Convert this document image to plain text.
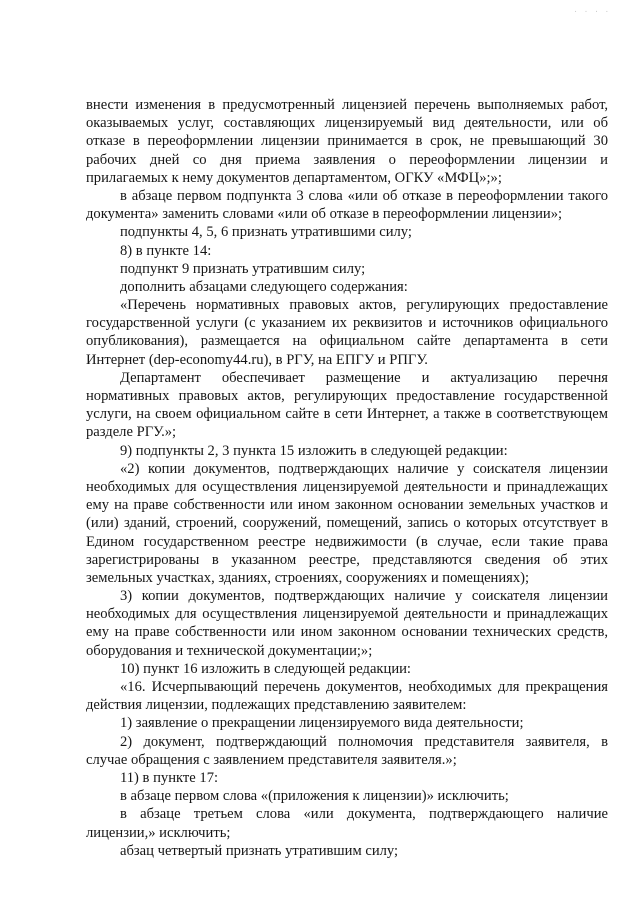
· · · ·
внести изменения в предусмотренный лицензией перечень выполняемых работ,
оказываемых услуг, составляющих лицензируемый вид деятельности, или об
отказе в переоформлении лицензии принимается в срок, не превышающий 30
рабочих дней со дня приема заявления о переоформлении лицензии и
прилагаемых к нему документов департаментом, ОГКУ «МФЦ»;»;
в абзаце первом подпункта 3 слова «или об отказе в переоформлении такого
документа» заменить словами «или об отказе в переоформлении лицензии»;
подпункты 4, 5, 6 признать утратившими силу;
8) в пункте 14:
подпункт 9 признать утратившим силу;
дополнить абзацами следующего содержания:
«Перечень нормативных правовых актов, регулирующих предоставление
государственной услуги (с указанием их реквизитов и источников официального
опубликования), размещается на официальном сайте департамента в сети
Интернет (dep-economy44.ru), в РГУ, на ЕПГУ и РПГУ.
Департамент обеспечивает размещение и актуализацию перечня
нормативных правовых актов, регулирующих предоставление государственной
услуги, на своем официальном сайте в сети Интернет, а также в соответствующем
разделе РГУ.»;
9) подпункты 2, 3 пункта 15 изложить в следующей редакции:
«2) копии документов, подтверждающих наличие у соискателя лицензии
необходимых для осуществления лицензируемой деятельности и принадлежащих
ему на праве собственности или ином законном основании земельных участков и
(или) зданий, строений, сооружений, помещений, запись о которых отсутствует в
Едином государственном реестре недвижимости (в случае, если такие права
зарегистрированы в указанном реестре, представляются сведения об этих
земельных участках, зданиях, строениях, сооружениях и помещениях);
3) копии документов, подтверждающих наличие у соискателя лицензии
необходимых для осуществления лицензируемой деятельности и принадлежащих
ему на праве собственности или ином законном основании технических средств,
оборудования и технической документации;»;
10) пункт 16 изложить в следующей редакции:
«16. Исчерпывающий перечень документов, необходимых для прекращения
действия лицензии, подлежащих представлению заявителем:
1) заявление о прекращении лицензируемого вида деятельности;
2) документ, подтверждающий полномочия представителя заявителя, в
случае обращения с заявлением представителя заявителя.»;
11) в пункте 17:
в абзаце первом слова «(приложения к лицензии)» исключить;
в абзаце третьем слова «или документа, подтверждающего наличие
лицензии,» исключить;
абзац четвертый признать утратившим силу;
